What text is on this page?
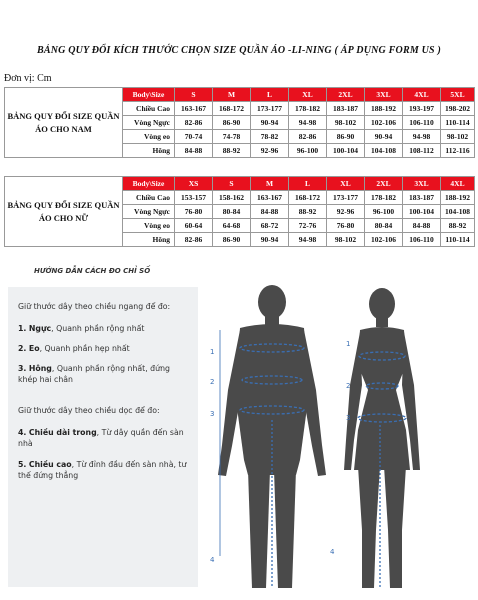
BẢNG QUY ĐỔI KÍCH THƯỚC CHỌN SIZE QUẦN ÁO -LI-NING ( ÁP DỤNG FORM US )
Đơn vị: Cm
BẢNG QUY ĐỔI SIZE QUẦN ÁO CHO NAM	Body\Size	S	M	L	XL	2XL	3XL	4XL	5XL
	Chiều Cao	163-167	168-172	173-177	178-182	183-187	188-192	193-197	198-202
	Vòng Ngực	82-86	86-90	90-94	94-98	98-102	102-106	106-110	110-114
	Vòng eo	70-74	74-78	78-82	82-86	86-90	90-94	94-98	98-102
	Hông	84-88	88-92	92-96	96-100	100-104	104-108	108-112	112-116
BẢNG QUY ĐỔI SIZE QUẦN ÁO CHO NỮ	Body\Size	XS	S	M	L	XL	2XL	3XL	4XL
	Chiều Cao	153-157	158-162	163-167	168-172	173-177	178-182	183-187	188-192
	Vòng Ngực	76-80	80-84	84-88	88-92	92-96	96-100	100-104	104-108
	Vòng eo	60-64	64-68	68-72	72-76	76-80	80-84	84-88	88-92
	Hông	82-86	86-90	90-94	94-98	98-102	102-106	106-110	110-114
HƯỚNG DẪN CÁCH ĐO CHỈ SỐ

Giữ thước dây theo chiều ngang để đo:

1. Ngực, Quanh phần rộng nhất

2. Eo, Quanh phần hẹp nhất

3. Hông, Quanh phần rộng nhất, đứng khép hai chân

Giữ thước dây theo chiều dọc để đo:

4. Chiều dài trong, Từ dây quần đến sàn nhà

5. Chiều cao, Từ đỉnh đầu đến sàn nhà, tư thế đứng thẳng

1
2
3
4
1
2
3
4
